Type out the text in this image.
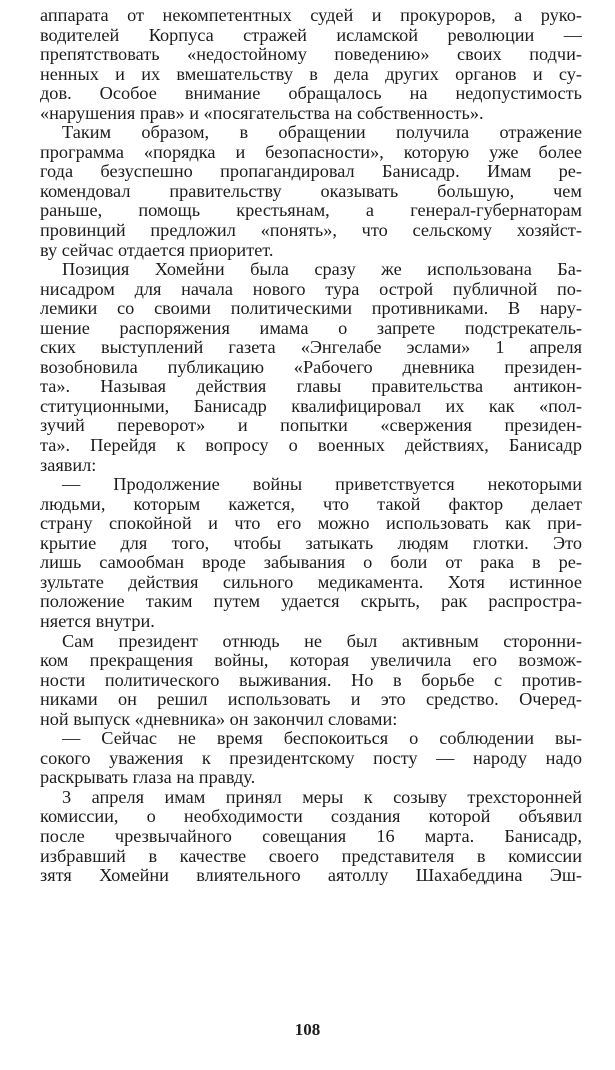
аппарата от некомпетентных судей и прокуроров, а руко-
водителей Корпуса стражей исламской революции —
препятствовать «недостойному поведению» своих подчи-
ненных и их вмешательству в дела других органов и су-
дов. Особое внимание обращалось на недопустимость
«нарушения прав» и «посягательства на собственность».
Таким образом, в обращении получила отражение
программа «порядка и безопасности», которую уже более
года безуспешно пропагандировал Банисадр. Имам ре-
комендовал правительству оказывать большую, чем
раньше, помощь крестьянам, а генерал-губернаторам
провинций предложил «понять», что сельскому хозяйст-
ву сейчас отдается приоритет.
Позиция Хомейни была сразу же использована Ба-
нисадром для начала нового тура острой публичной по-
лемики со своими политическими противниками. В нару-
шение распоряжения имама о запрете подстрекатель-
ских выступлений газета «Энгелабе эслами» 1 апреля
возобновила публикацию «Рабочего дневника президен-
та». Называя действия главы правительства антикон-
ституционными, Банисадр квалифицировал их как «пол-
зучий переворот» и попытки «свержения президен-
та». Перейдя к вопросу о военных действиях, Банисадр
заявил:
— Продолжение войны приветствуется некоторыми
людьми, которым кажется, что такой фактор делает
страну спокойной и что его можно использовать как при-
крытие для того, чтобы затыкать людям глотки. Это
лишь самообман вроде забывания о боли от рака в ре-
зультате действия сильного медикамента. Хотя истинное
положение таким путем удается скрыть, рак распростра-
няется внутри.
Сам президент отнюдь не был активным сторонни-
ком прекращения войны, которая увеличила его возмож-
ности политического выживания. Но в борьбе с против-
никами он решил использовать и это средство. Очеред-
ной выпуск «дневника» он закончил словами:
— Сейчас не время беспокоиться о соблюдении вы-
сокого уважения к президентскому посту — народу надо
раскрывать глаза на правду.
3 апреля имам принял меры к созыву трехсторонней
комиссии, о необходимости создания которой объявил
после чрезвычайного совещания 16 марта. Банисадр,
избравший в качестве своего представителя в комиссии
зятя Хомейни влиятельного аятоллу Шахабеддина Эш-
108
